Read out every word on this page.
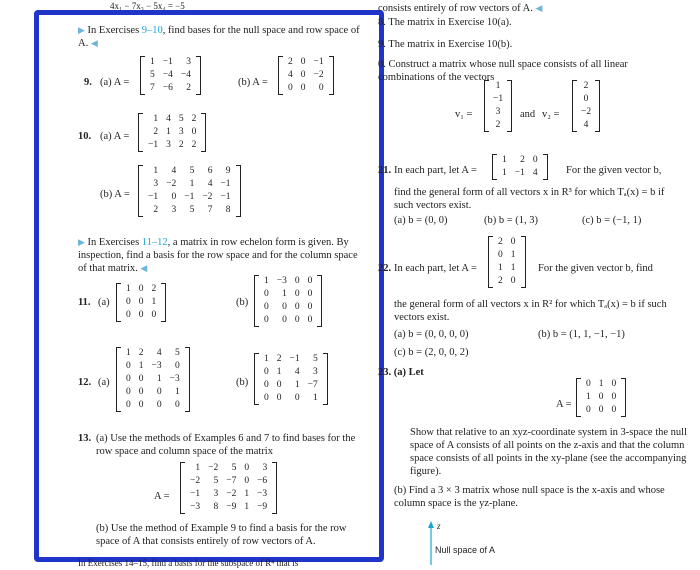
4x₁ − 7x₃ − 5x₄ = −5
▶ In Exercises 9–10, find bases for the null space and row space of A. ◀
9. (a) A =
1	−1	3
5	−4	−4
7	−6	2	(b) A =
2	0	−1
4	0	−2
0	0	0
10. (a) A =
1	4	5	2
2	1	3	0
−1	3	2	2
(b) A =
1	4	5	6	9
3	−2	1	4	−1
−1	0	−1	−2	−1
2	3	5	7	8
▶ In Exercises 11–12, a matrix in row echelon form is given. By inspection, find a basis for the row space and for the column space of that matrix. ◀
11. (a)
1	0	2
0	0	1
0	0	0
(b)
1	−3	0	0
0	1	0	0
0	0	0	0
0	0	0	0
12. (a)
1	2	4	5
0	1	−3	0
0	0	1	−3
0	0	0	1
0	0	0	0
(b)
1	2	−1	5
0	1	4	3
0	0	1	−7
0	0	0	1
13. (a) Use the methods of Examples 6 and 7 to find bases for the row space and column space of the matrix
A =
1	−2	5	0	3
−2	5	−7	0	−6
−1	3	−2	1	−3
−3	8	−9	1	−9
(b) Use the method of Example 9 to find a basis for the row space of A that consists entirely of row vectors of A.
In Exercises 14–15, find a basis for the subspace of R⁴ that is
consists entirely of row vectors of A. ◀
8. The matrix in Exercise 10(a).
9. The matrix in Exercise 10(b).
0. Construct a matrix whose null space consists of all linear combinations of the vectors
v₁ =
1
−1
3
2
and v₂ =
2
0
−2
4
21. In each part, let A =
1	2	0
1	−1	4	For the given vector b,
find the general form of all vectors x in R³ for which Tₐ(x) = b if such vectors exist.
(a) b = (0, 0)	(b) b = (1, 3)	(c) b = (−1, 1)
22. In each part, let A =
2	0
0	1
1	1
2	0
For the given vector b, find
the general form of all vectors x in R² for which Tₐ(x) = b if such vectors exist.
(a) b = (0, 0, 0, 0)	(b) b = (1, 1, −1, −1)
(c) b = (2, 0, 0, 2)
23. (a) Let
A =
0	1	0
1	0	0
0	0	0
Show that relative to an xyz-coordinate system in 3-space the null space of A consists of all points on the z-axis and that the column space consists of all points in the xy-plane (see the accompanying figure).
(b) Find a 3 × 3 matrix whose null space is the x-axis and whose column space is the yz-plane.
z
Null space of A
